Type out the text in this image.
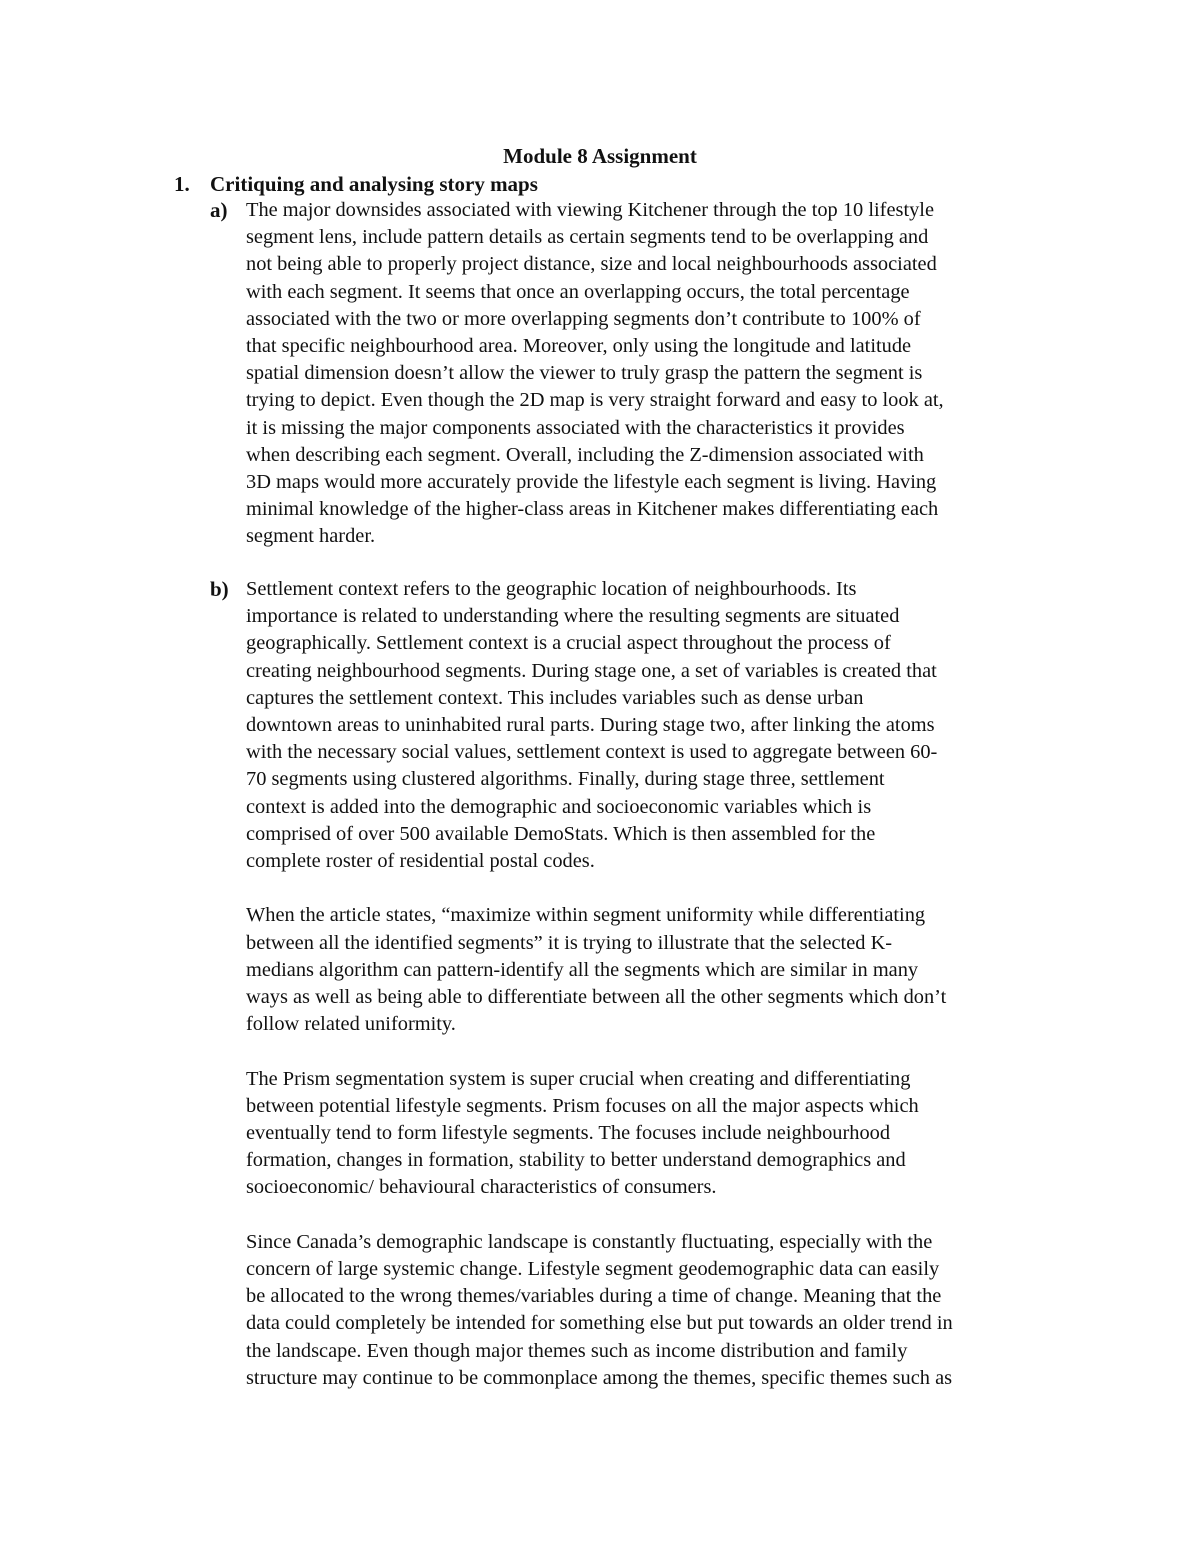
Module 8 Assignment
1. Critiquing and analysing story maps
a) The major downsides associated with viewing Kitchener through the top 10 lifestyle
segment lens, include pattern details as certain segments tend to be overlapping and
not being able to properly project distance, size and local neighbourhoods associated
with each segment. It seems that once an overlapping occurs, the total percentage
associated with the two or more overlapping segments don’t contribute to 100% of
that specific neighbourhood area. Moreover, only using the longitude and latitude
spatial dimension doesn’t allow the viewer to truly grasp the pattern the segment is
trying to depict. Even though the 2D map is very straight forward and easy to look at,
it is missing the major components associated with the characteristics it provides
when describing each segment. Overall, including the Z-dimension associated with
3D maps would more accurately provide the lifestyle each segment is living. Having
minimal knowledge of the higher-class areas in Kitchener makes differentiating each
segment harder.
b) Settlement context refers to the geographic location of neighbourhoods. Its
importance is related to understanding where the resulting segments are situated
geographically. Settlement context is a crucial aspect throughout the process of
creating neighbourhood segments. During stage one, a set of variables is created that
captures the settlement context. This includes variables such as dense urban
downtown areas to uninhabited rural parts. During stage two, after linking the atoms
with the necessary social values, settlement context is used to aggregate between 60-
70 segments using clustered algorithms. Finally, during stage three, settlement
context is added into the demographic and socioeconomic variables which is
comprised of over 500 available DemoStats. Which is then assembled for the
complete roster of residential postal codes.
When the article states, “maximize within segment uniformity while differentiating
between all the identified segments” it is trying to illustrate that the selected K-
medians algorithm can pattern-identify all the segments which are similar in many
ways as well as being able to differentiate between all the other segments which don’t
follow related uniformity.
The Prism segmentation system is super crucial when creating and differentiating
between potential lifestyle segments. Prism focuses on all the major aspects which
eventually tend to form lifestyle segments. The focuses include neighbourhood
formation, changes in formation, stability to better understand demographics and
socioeconomic/ behavioural characteristics of consumers.
Since Canada’s demographic landscape is constantly fluctuating, especially with the
concern of large systemic change. Lifestyle segment geodemographic data can easily
be allocated to the wrong themes/variables during a time of change. Meaning that the
data could completely be intended for something else but put towards an older trend in
the landscape. Even though major themes such as income distribution and family
structure may continue to be commonplace among the themes, specific themes such as
